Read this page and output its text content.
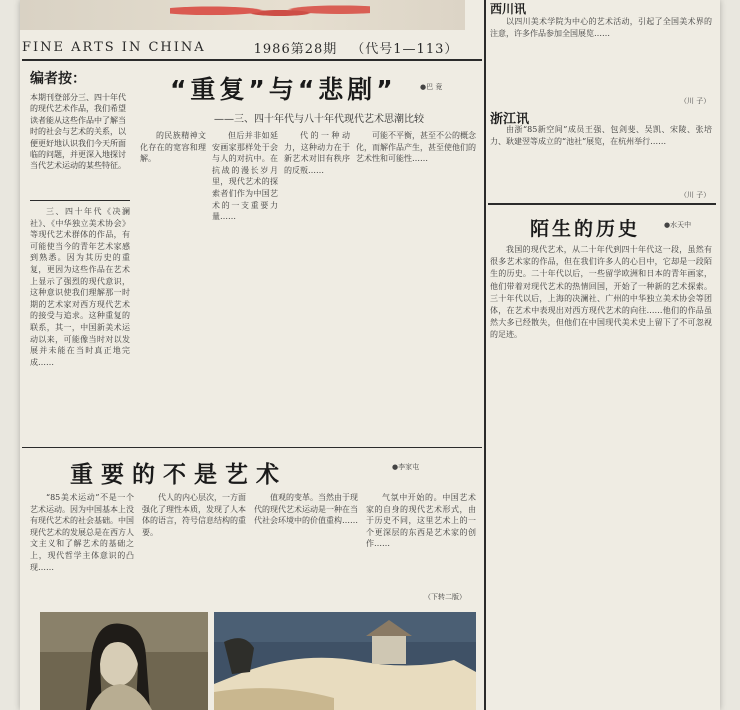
FINE ARTS IN CHINA	1986第28期 （代号1—113）
编者按：
本期刊登部分三、四十年代的现代艺术作品，我们希望读者能从这些作品中了解当时的社会与艺术的关系，以便更好地认识我们今天所面临的问题，并更深入地探讨当代艺术运动的某些特征。
“重复”与“悲剧”	●巴 竟
——三、四十年代与八十年代现代艺术思潮比较

三、四十年代《决澜社》、《中华独立美术协会》等现代艺术群体的作品，有可能使当今的青年艺术家感到熟悉。因为其历史的重复，更因为这些作品在艺术上显示了强烈的现代意识，这种意识使我们理解那一时期的艺术家对西方现代艺术的接受与追求。这种重复的联系，其一，中国新美术运动以来，可能像当时对以发展并未能在当时真正地完成……

的民族精神文化存在的宽容和理解。

但后并非如延安画家那样处于会与人的对抗中。在抗战的漫长岁月里，现代艺术的探索者们作为中国艺术的一支重要力量……

代的一种动力，这种动力在于新艺术对旧有秩序的反叛……

可能不平衡，甚至不公的概念化，而解作品产生，甚至使他们的艺术性和可能性……

重要的不是艺术	●李家屯

“85美术运动”不是一个艺术运动。因为中国基本上没有现代艺术的社会基础。中国现代艺术的发展总是在西方人文主义和了解艺术的基础之上，现代哲学主体意识的凸现……

代人的内心层次，一方面强化了理性本质，发现了人本体的语言，符号信息结构的重要。

值观的变革。当然由于现代的现代艺术运动是一种在当代社会环境中的价值重构……

气氛中开始的。中国艺术家的自身的现代艺术形式，由于历史不同，这里艺术上的一个更深层的东西是艺术家的创作……

（下转二版）
西川讯

以四川美术学院为中心的艺术活动，引起了全国美术界的注意，许多作品参加全国展览……

（川 子）
浙江讯

由浙“85新空间”成员王强、包剑斐、吴凯、宋陵、张培力、耿建翌等成立的“池社”展览，在杭州举行……

（川 子）
陌生的历史	●水天中

我国的现代艺术，从二十年代到四十年代这一段，虽然有很多艺术家的作品，但在我们许多人的心目中，它却是一段陌生的历史。二十年代以后，一些留学欧洲和日本的青年画家，他们带着对现代艺术的热情回国，开始了一种新的艺术探索。三十年代以后，上海的决澜社、广州的中华独立美术协会等团体，在艺术中表现出对西方现代艺术的向往……他们的作品虽然大多已经散失，但他们在中国现代美术史上留下了不可忽视的足迹。
